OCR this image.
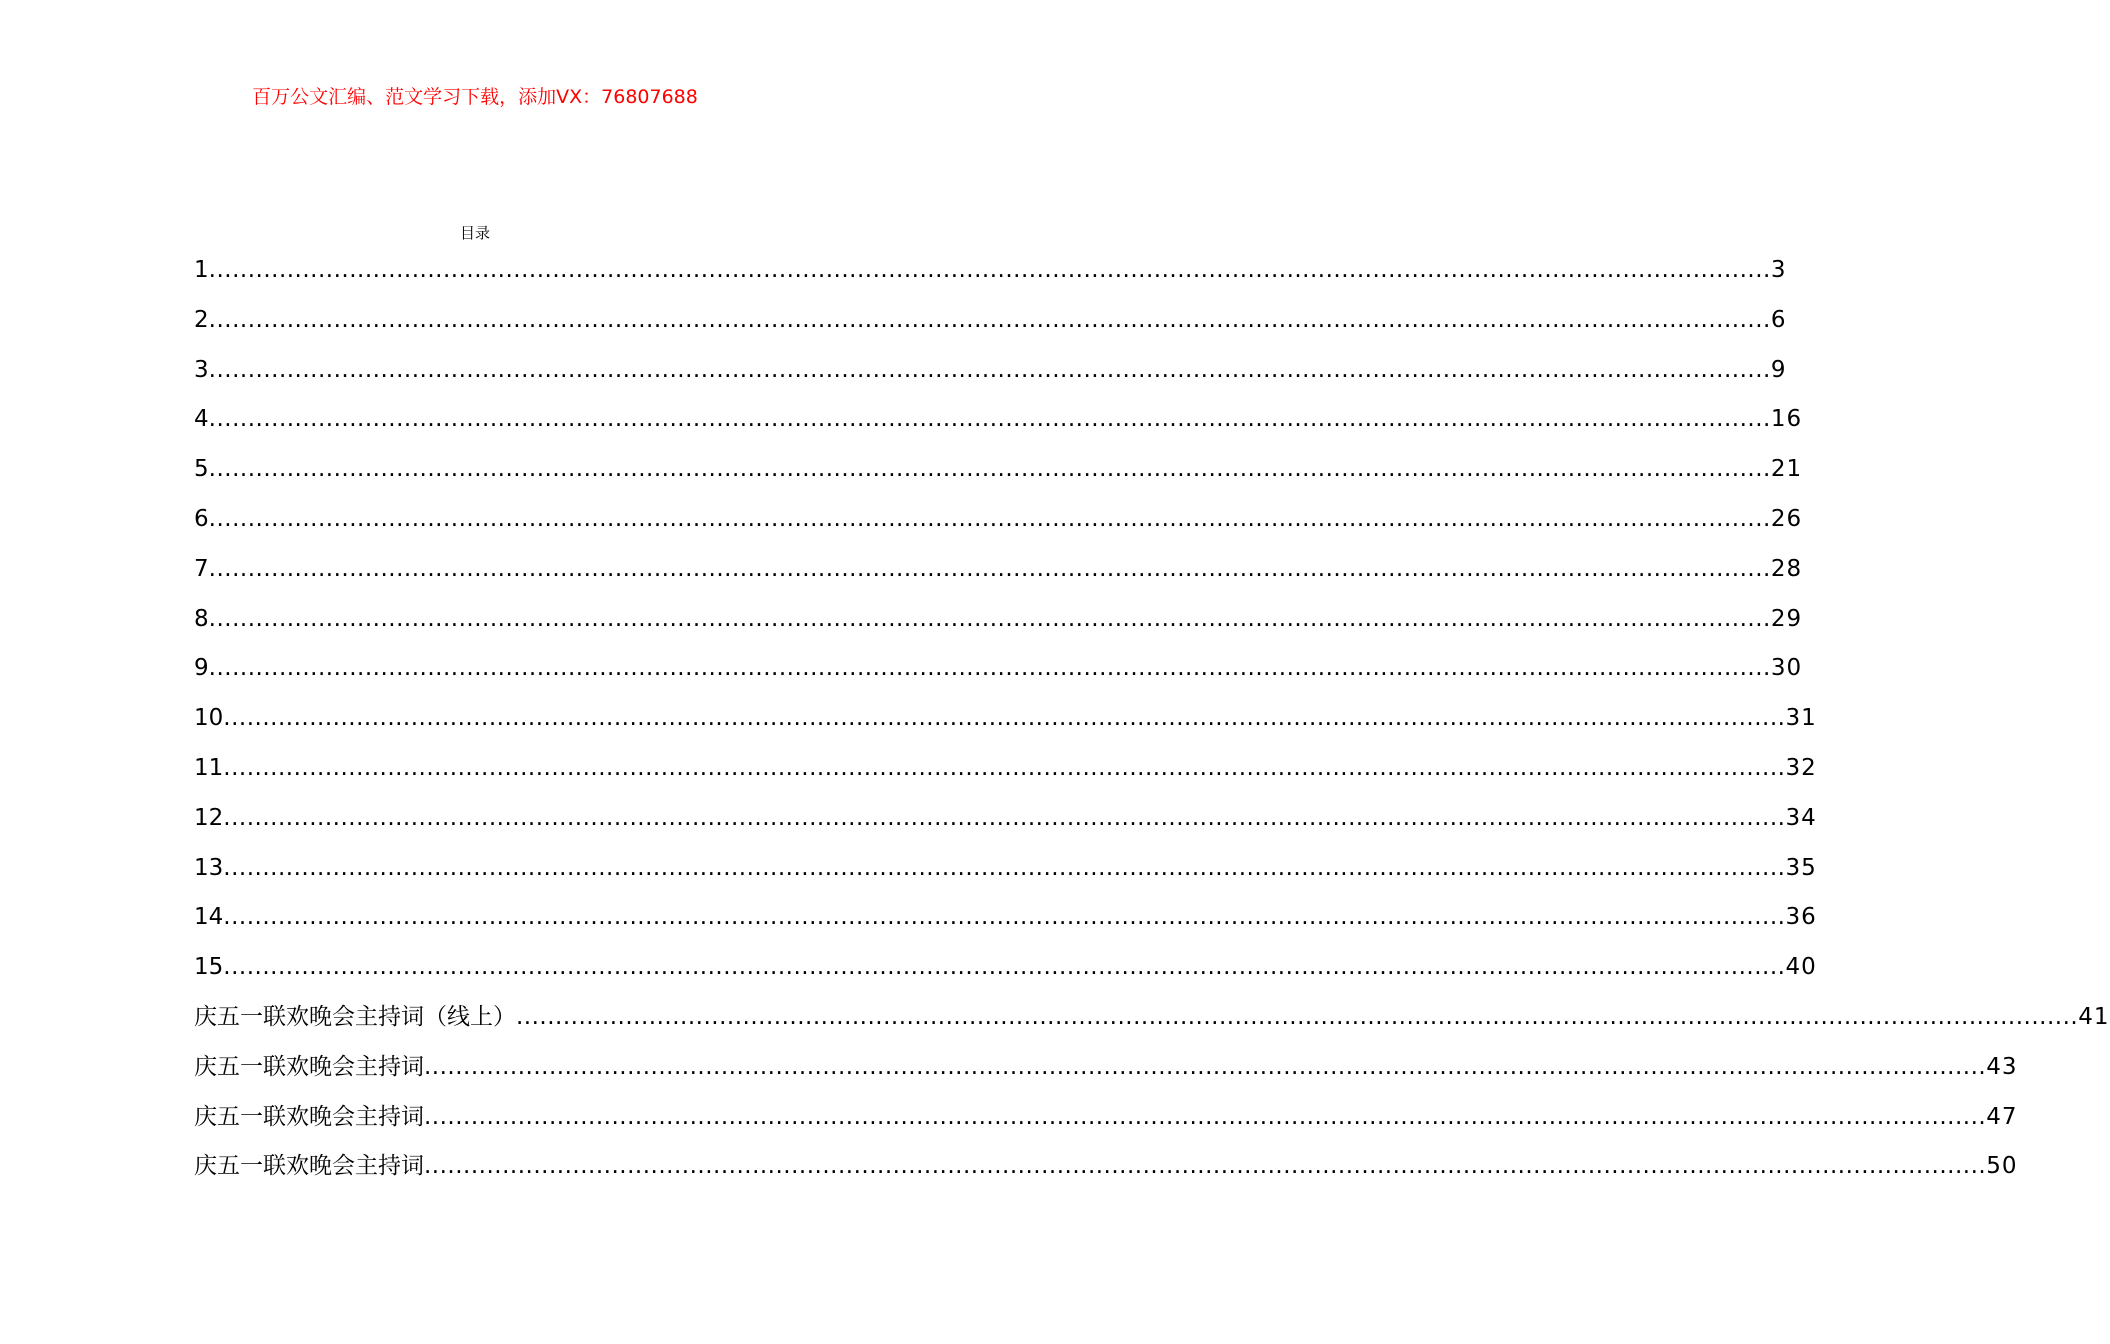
百万公文汇编、范文学习下载，添加VX：76807688
目录
1 ........................................................................................................................................................................................................ 3
2 ........................................................................................................................................................................................................ 6
3 ........................................................................................................................................................................................................ 9
4 ........................................................................................................................................................................................................ 16
5 ........................................................................................................................................................................................................ 21
6 ........................................................................................................................................................................................................ 26
7 ........................................................................................................................................................................................................ 28
8 ........................................................................................................................................................................................................ 29
9 ........................................................................................................................................................................................................ 30
10 ........................................................................................................................................................................................................ 31
11 ........................................................................................................................................................................................................ 32
12 ........................................................................................................................................................................................................ 34
13 ........................................................................................................................................................................................................ 35
14 ........................................................................................................................................................................................................ 36
15 ........................................................................................................................................................................................................ 40
庆五一联欢晚会主持词（线上） ........................................................................................................................................................................................................ 41
庆五一联欢晚会主持词 ........................................................................................................................................................................................................ 43
庆五一联欢晚会主持词 ........................................................................................................................................................................................................ 47
庆五一联欢晚会主持词 ........................................................................................................................................................................................................ 50
